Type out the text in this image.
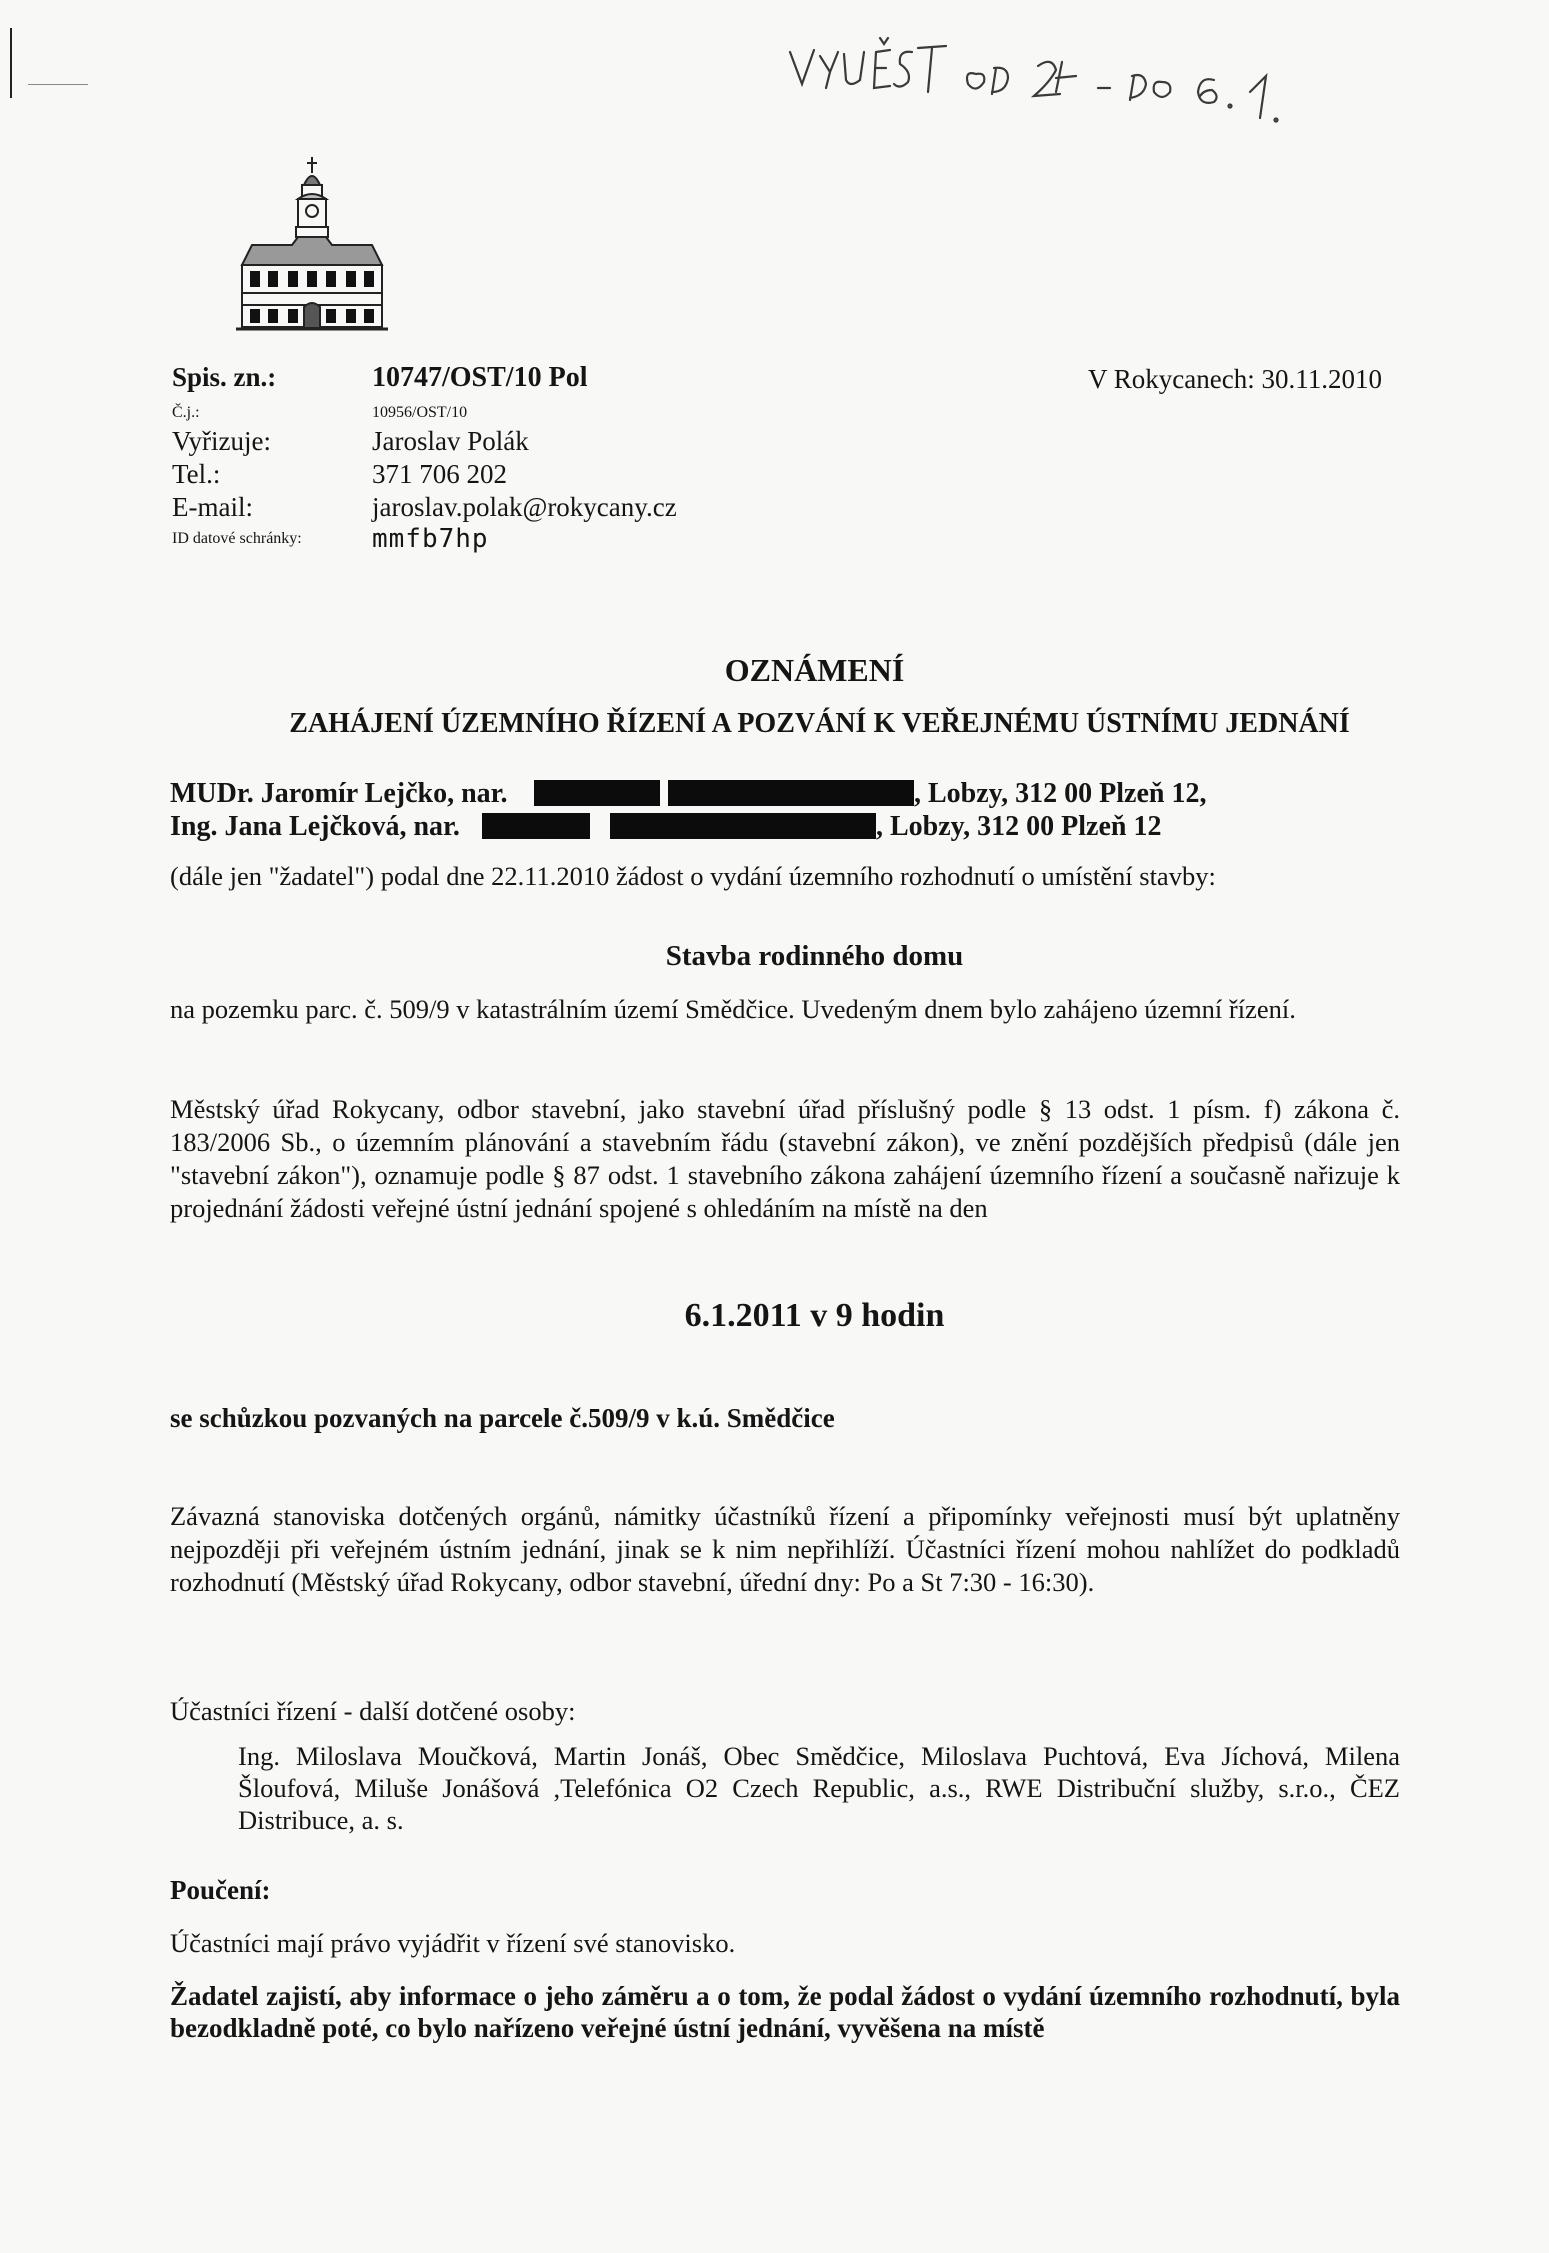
Spis. zn.:	10747/OST/10 Pol	V Rokycanech: 30.11.2010
Č.j.:	10956/OST/10
Vyřizuje:	Jaroslav Polák
Tel.:	371 706 202
E-mail:	jaroslav.polak@rokycany.cz
ID datové schránky:	mmfb7hp
OZNÁMENÍ
ZAHÁJENÍ ÚZEMNÍHO ŘÍZENÍ A POZVÁNÍ K VEŘEJNÉMU ÚSTNÍMU JEDNÁNÍ
MUDr. Jaromír Lejčko, nar.	, Lobzy, 312 00 Plzeň 12,
Ing. Jana Lejčková, nar.	, Lobzy, 312 00 Plzeň 12
(dále jen "žadatel") podal dne 22.11.2010 žádost o vydání územního rozhodnutí o umístění stavby:
Stavba rodinného domu
na pozemku parc. č. 509/9 v katastrálním území Smědčice. Uvedeným dnem bylo zahájeno územní řízení.
Městský úřad Rokycany, odbor stavební, jako stavební úřad příslušný podle § 13 odst. 1 písm. f) zákona č. 183/2006 Sb., o územním plánování a stavebním řádu (stavební zákon), ve znění pozdějších předpisů (dále jen "stavební zákon"), oznamuje podle § 87 odst. 1 stavebního zákona zahájení územního řízení a současně nařizuje k projednání žádosti veřejné ústní jednání spojené s ohledáním na místě na den
6.1.2011 v 9 hodin
se schůzkou pozvaných na parcele č.509/9 v k.ú. Smědčice
Závazná stanoviska dotčených orgánů, námitky účastníků řízení a připomínky veřejnosti musí být uplatněny nejpozději při veřejném ústním jednání, jinak se k nim nepřihlíží. Účastníci řízení mohou nahlížet do podkladů rozhodnutí (Městský úřad Rokycany, odbor stavební, úřední dny: Po a St 7:30 - 16:30).
Účastníci řízení - další dotčené osoby:
Ing. Miloslava Moučková, Martin Jonáš, Obec Smědčice, Miloslava Puchtová, Eva Jíchová, Milena Šloufová, Miluše Jonášová ,Telefónica O2 Czech Republic, a.s., RWE Distribuční služby, s.r.o., ČEZ Distribuce, a. s.
Poučení:
Účastníci mají právo vyjádřit v řízení své stanovisko.
Žadatel zajistí, aby informace o jeho záměru a o tom, že podal žádost o vydání územního rozhodnutí, byla bezodkladně poté, co bylo nařízeno veřejné ústní jednání, vyvěšena na místě
